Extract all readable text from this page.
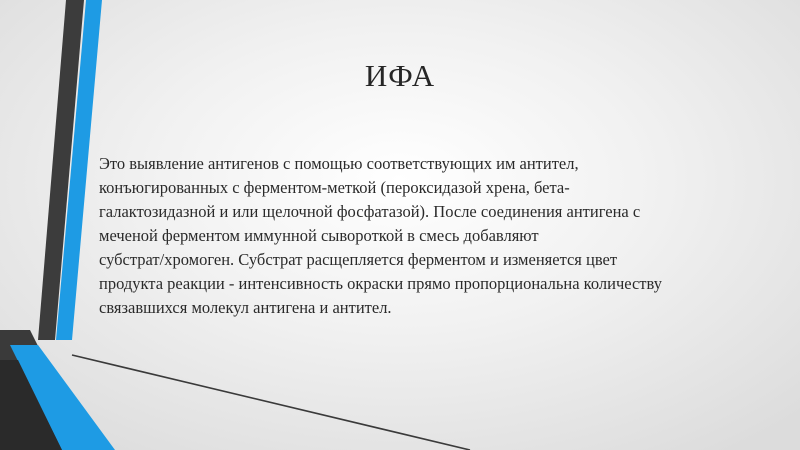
ИФА

Это выявление антигенов с помощью соответствующих им антител,
конъюгированных с ферментом-меткой (пероксидазой хрена, бета-
галактозидазной и или щелочной фосфатазой). После соединения антигена с
меченой ферментом иммунной сывороткой в смесь добавляют
субстрат/хромоген. Субстрат расщепляется ферментом и изменяется цвет
продукта реакции - интенсивность окраски прямо пропорциональна количеству
связавшихся молекул антигена и антител.
